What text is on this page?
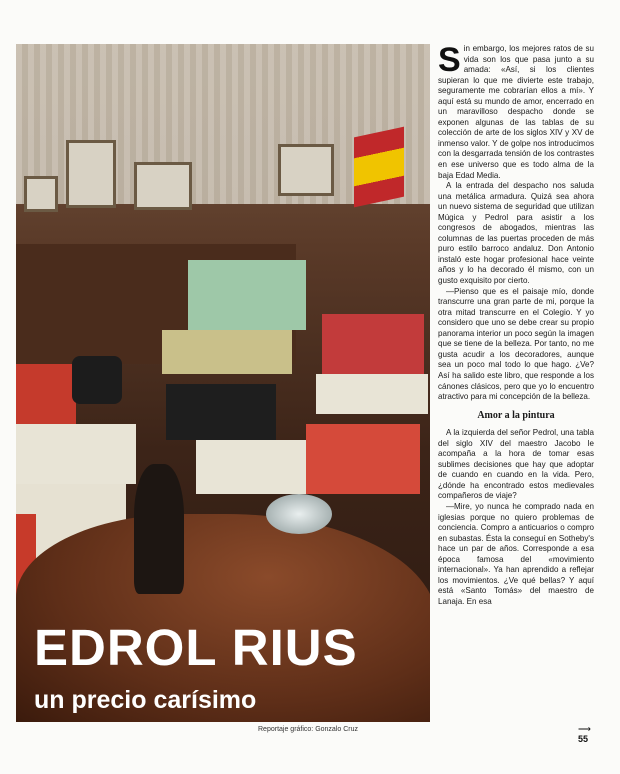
EDROL RIUS
un precio carísimo
Reportaje gráfico: Gonzalo Cruz

Sin embargo, los mejores ratos de su vida son los que pasa junto a su amada: «Así, si los clientes supieran lo que me divierte este trabajo, seguramente me cobrarían ellos a mí». Y aquí está su mundo de amor, encerrado en un maravilloso despacho donde se exponen algunas de las tablas de su colección de arte de los siglos XIV y XV de inmenso valor. Y de golpe nos introducimos con la desgarrada tensión de los contrastes en ese universo que es todo alma de la baja Edad Media.

A la entrada del despacho nos saluda una metálica armadura. Quizá sea ahora un nuevo sistema de seguridad que utilizan Múgica y Pedrol para asistir a los congresos de abogados, mientras las columnas de las puertas proceden de más puro estilo barroco andaluz. Don Antonio instaló este hogar profesional hace veinte años y lo ha decorado él mismo, con un gusto exquisito por cierto.

—Pienso que es el paisaje mío, donde transcurre una gran parte de mi, porque la otra mitad transcurre en el Colegio. Y yo considero que uno se debe crear su propio panorama interior un poco según la imagen que se tiene de la belleza. Por tanto, no me gusta acudir a los decoradores, aunque sea un poco mal todo lo que hago. ¿Ve? Así ha salido este libro, que responde a los cánones clásicos, pero que yo lo encuentro atractivo para mi concepción de la belleza.

Amor a la pintura

A la izquierda del señor Pedrol, una tabla del siglo XIV del maestro Jacobo le acompaña a la hora de tomar esas sublimes decisiones que hay que adoptar de cuando en cuando en la vida. Pero, ¿dónde ha encontrado estos medievales compañeros de viaje?

—Mire, yo nunca he comprado nada en iglesias porque no quiero problemas de conciencia. Compro a anticuarios o compro en subastas. Ésta la conseguí en Sotheby's hace un par de años. Corresponde a esa época famosa del «movimiento internacional». Ya han aprendido a reflejar los movimientos. ¿Ve qué bellas? Y aquí está «Santo Tomás» del maestro de Lanaja. En esa

⟶
55
